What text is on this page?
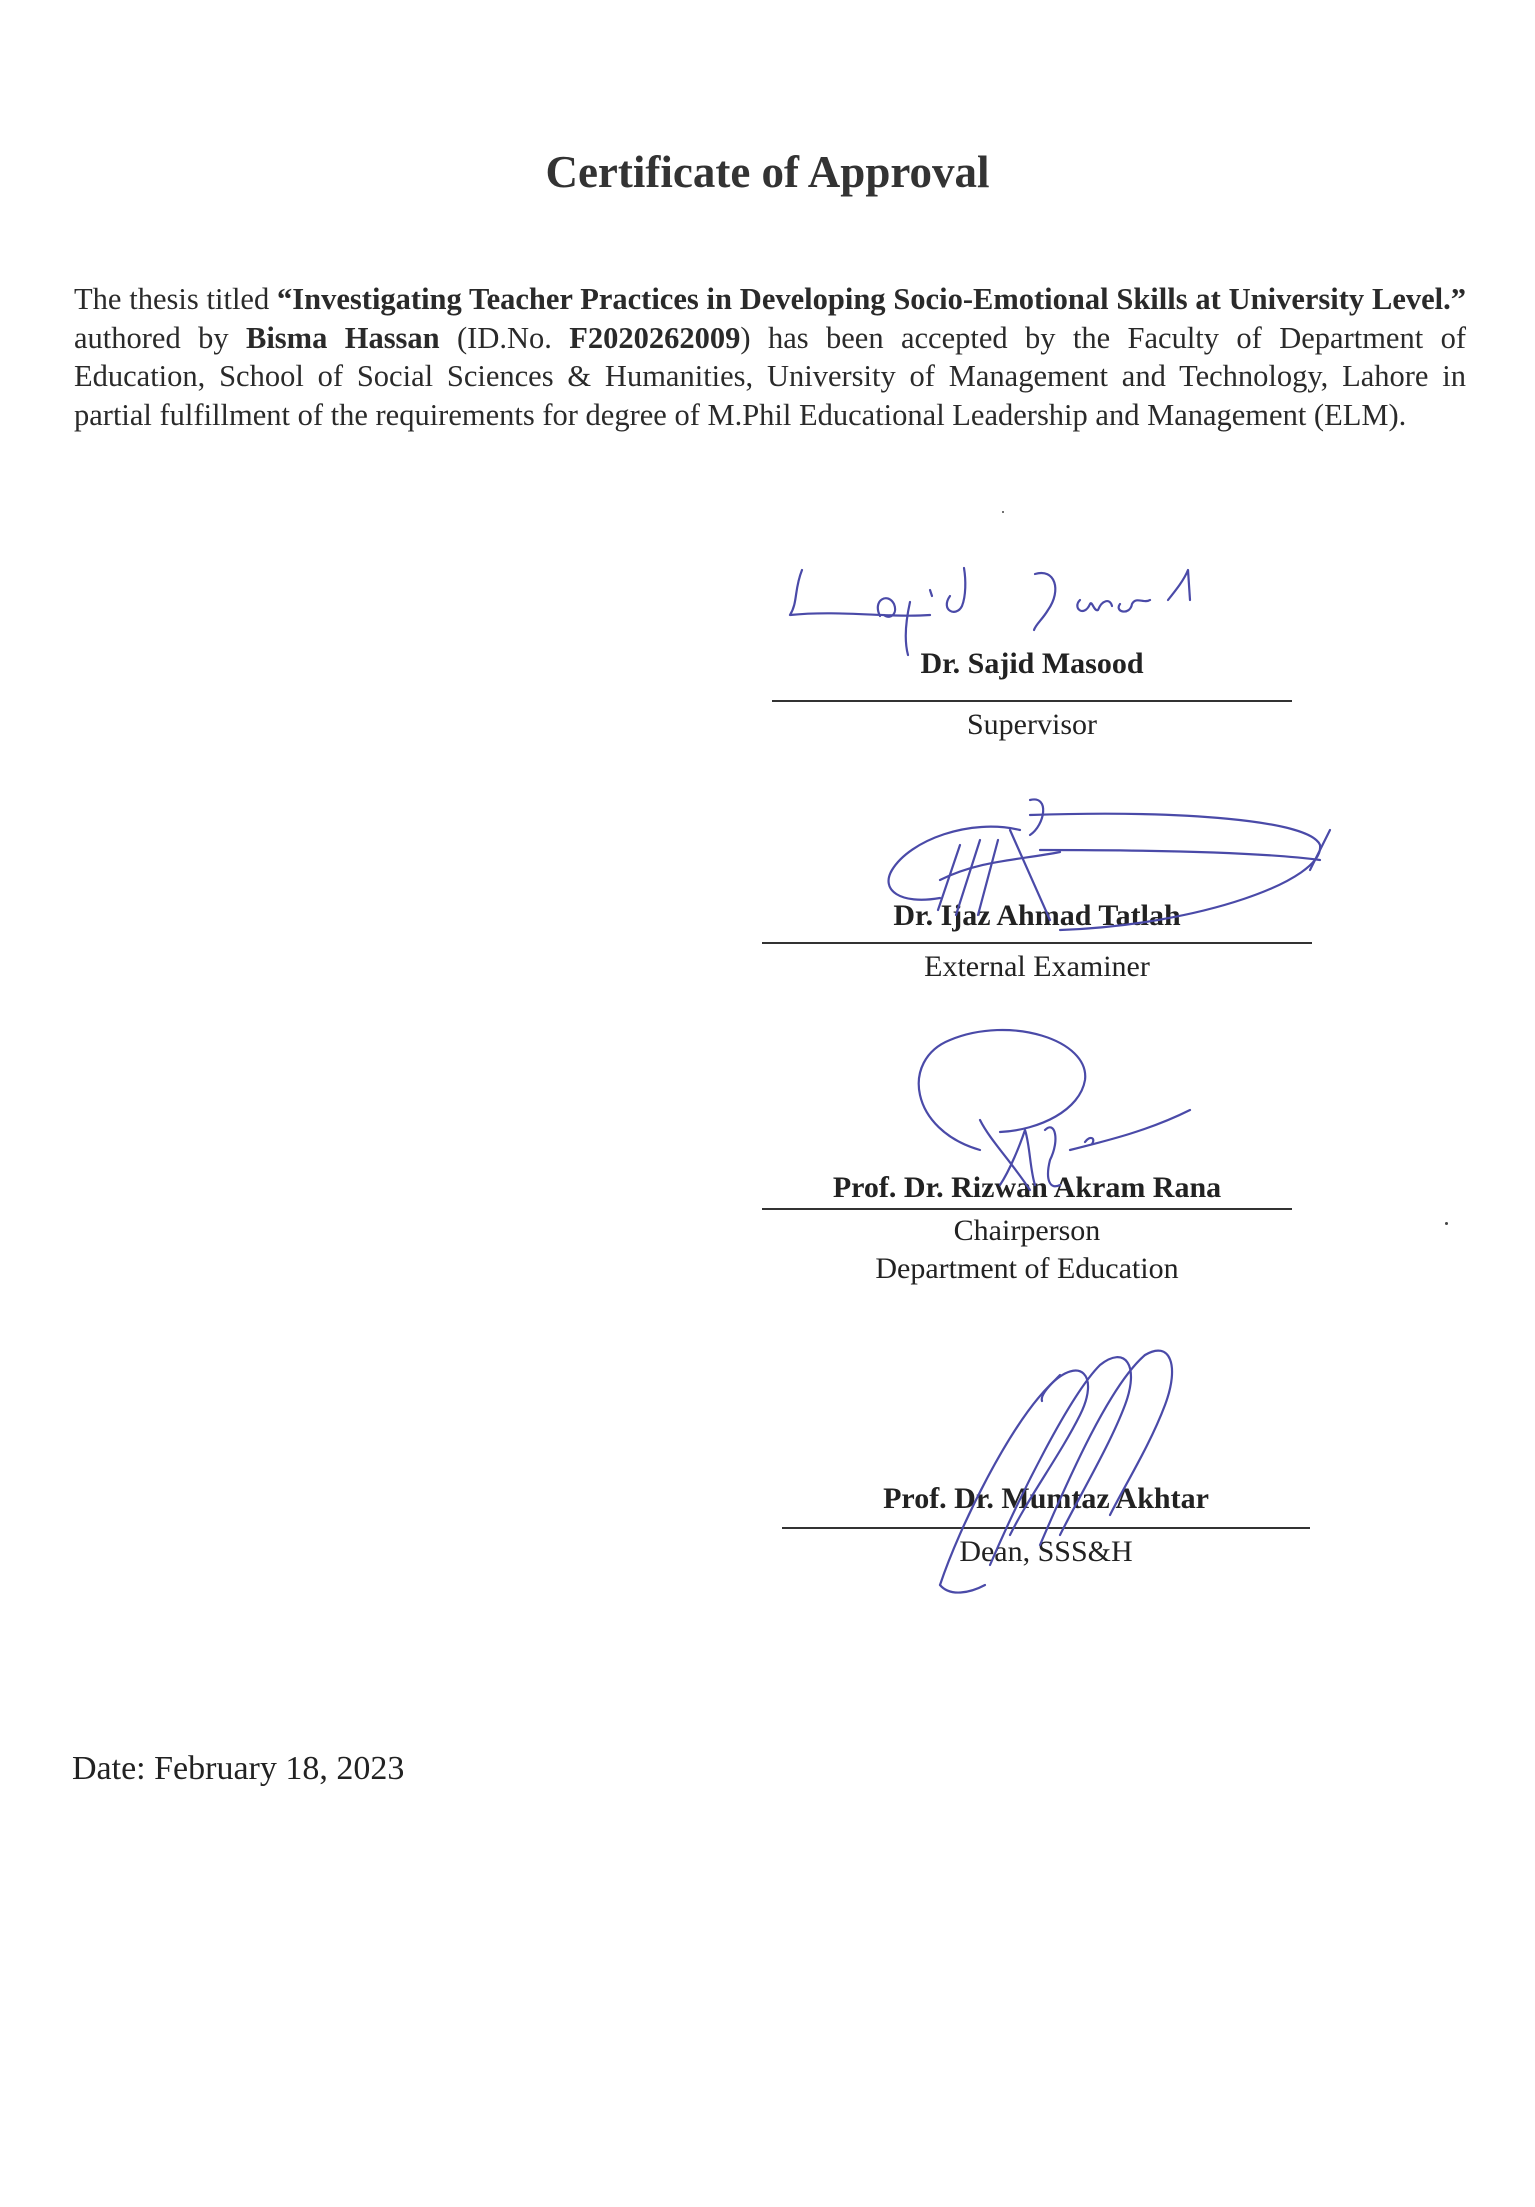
Certificate of Approval

The thesis titled “Investigating Teacher Practices in Developing Socio-Emotional Skills at University Level.” authored by Bisma Hassan (ID.No. F2020262009) has been accepted by the Faculty of Department of Education, School of Social Sciences & Humanities, University of Management and Technology, Lahore in partial fulfillment of the requirements for degree of M.Phil Educational Leadership and Management (ELM).

Dr. Sajid Masood
Supervisor
Dr. Ijaz Ahmad Tatlah
External Examiner
Prof. Dr. Rizwan Akram Rana
Chairperson
Department of Education
Prof. Dr. Mumtaz Akhtar
Dean, SSS&H
Date: February 18, 2023
